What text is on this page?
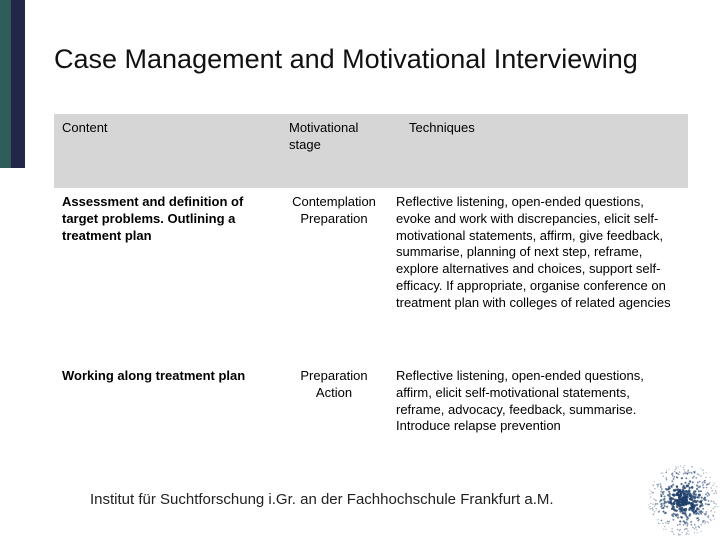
Case Management and Motivational Interviewing
Content	Motivational stage
Techniques
Assessment and definition of target problems. Outlining a treatment plan
Contemplation
Preparation
Reflective listening, open-ended questions, evoke and work with discrepancies, elicit self-motivational statements, affirm, give feedback, summarise, planning of next step, reframe, explore alternatives and choices, support self-efficacy. If appropriate, organise conference on treatment plan with colleges of related agencies
Working along treatment plan	Preparation
Action
Reflective listening, open-ended questions, affirm, elicit self-motivational statements, reframe, advocacy, feedback, summarise. Introduce relapse prevention
Institut für Suchtforschung i.Gr. an der Fachhochschule Frankfurt a.M.
